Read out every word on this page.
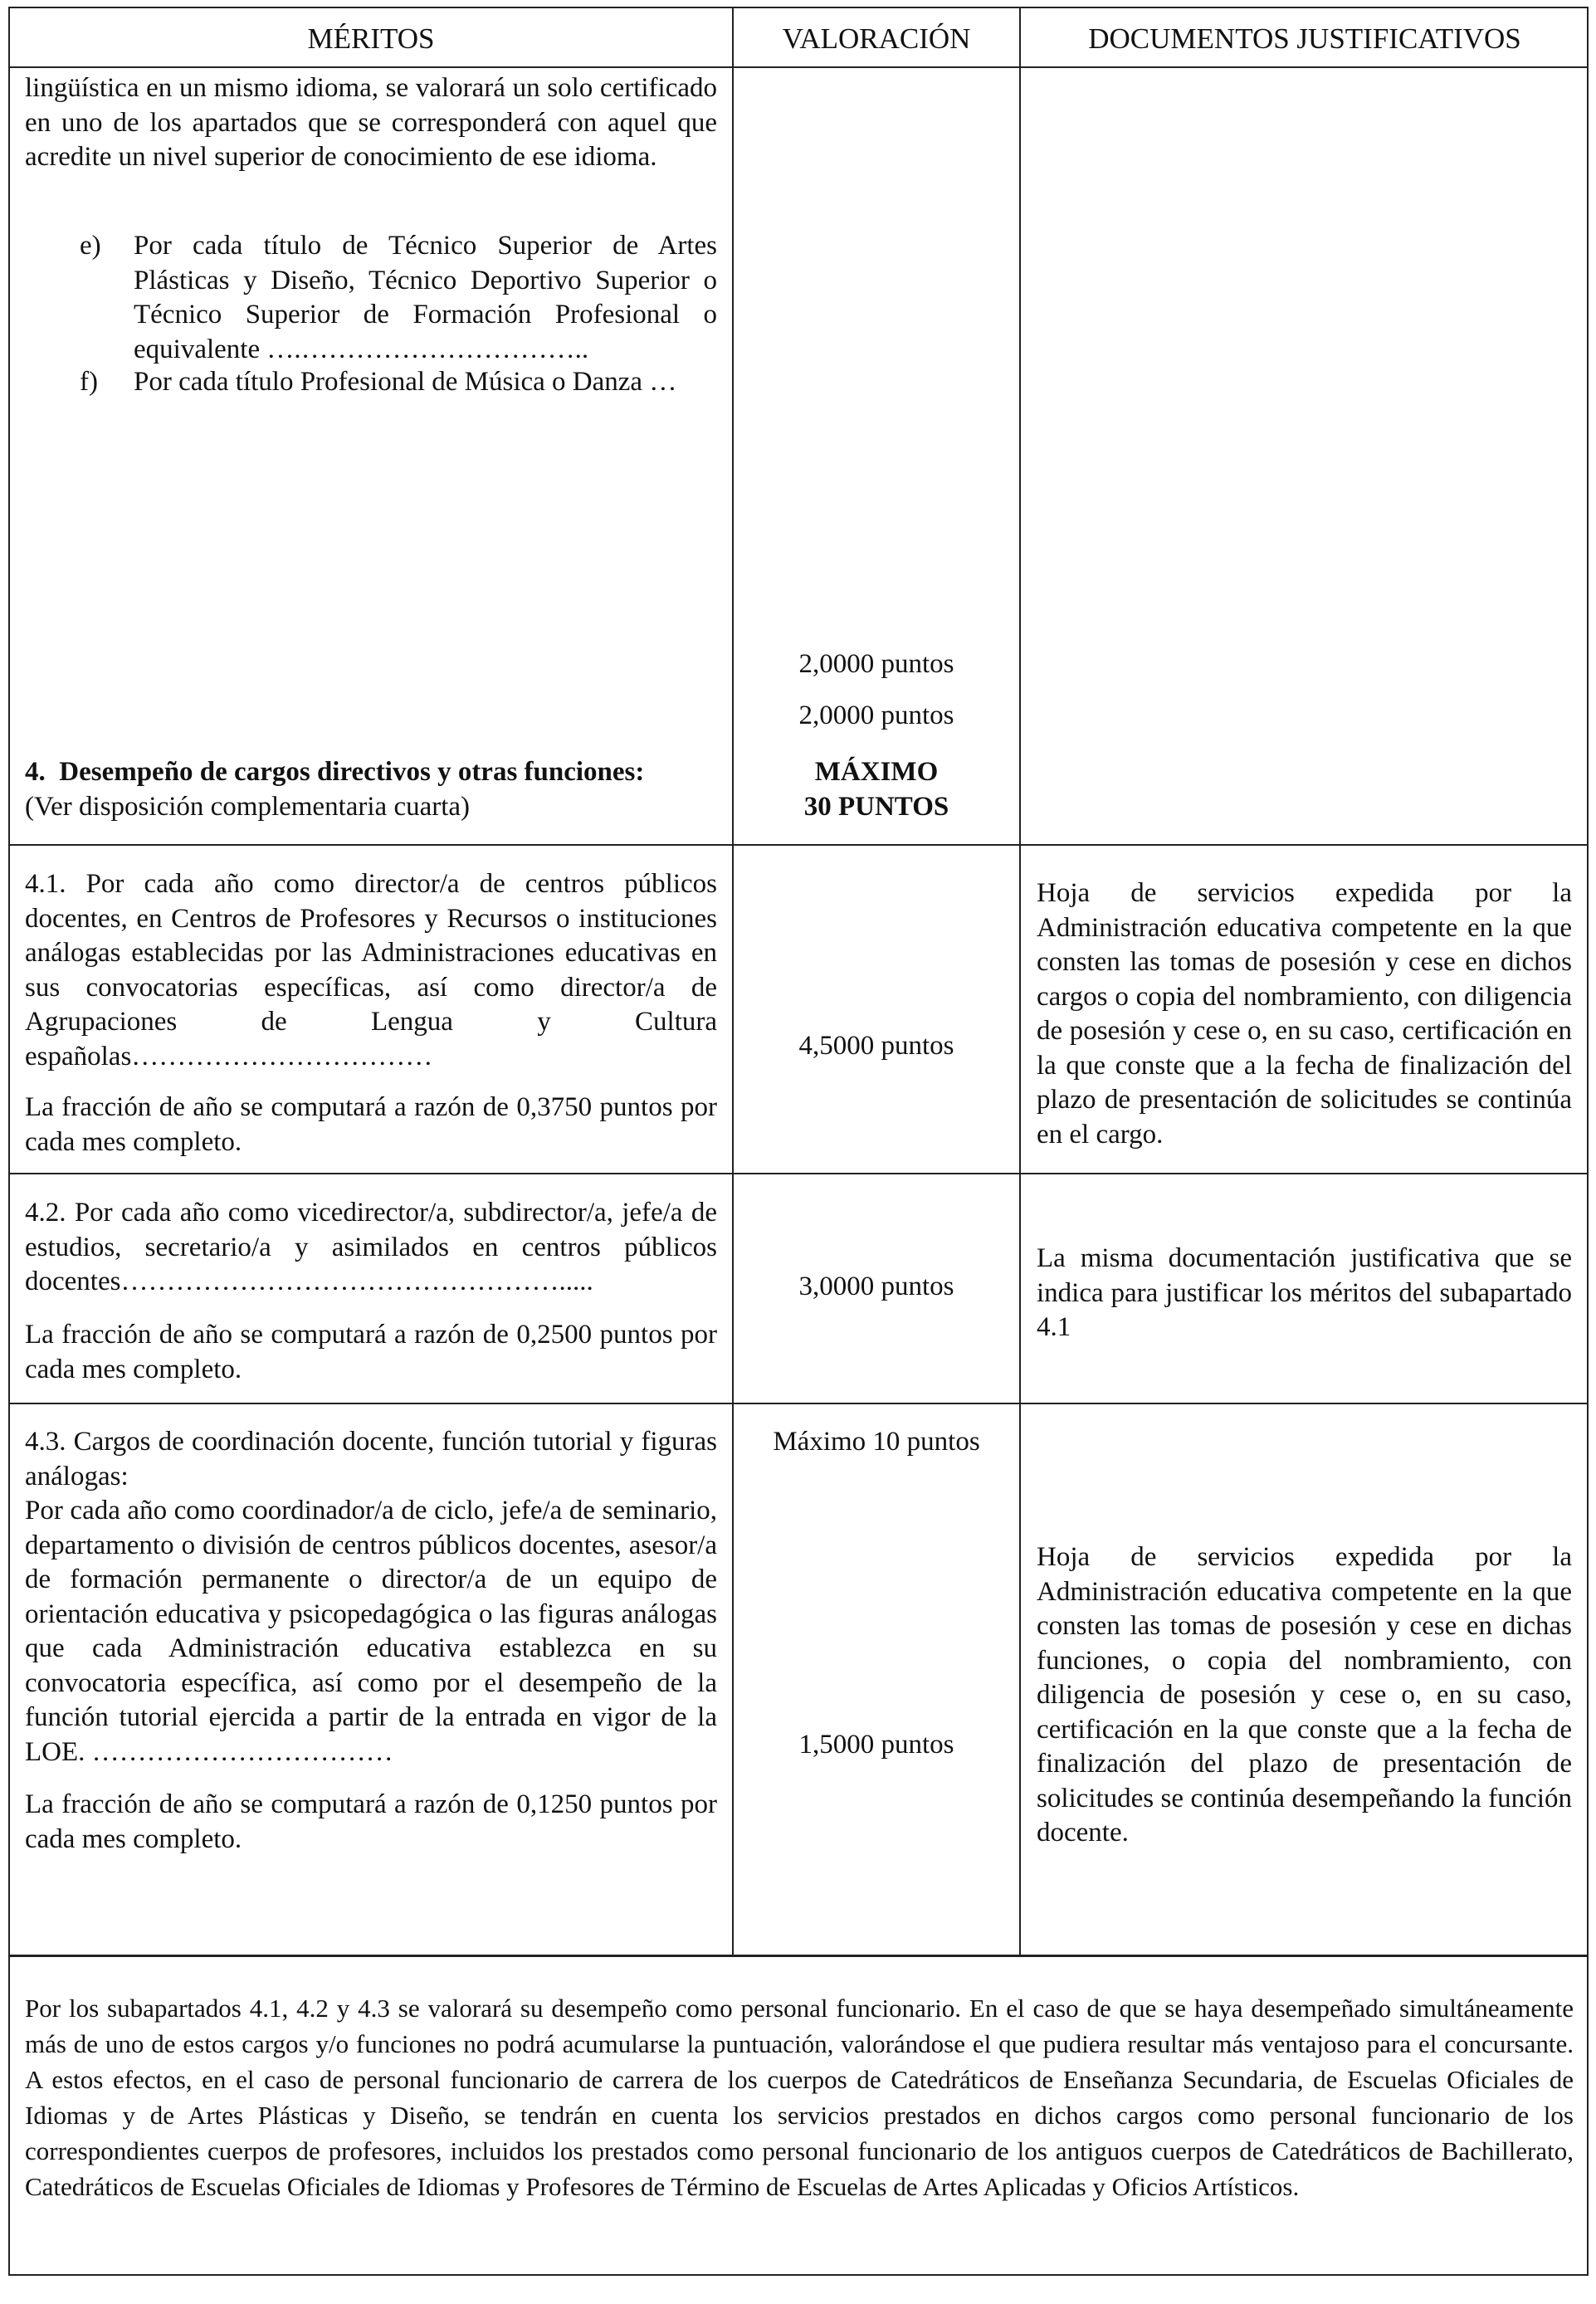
MÉRITOS	VALORACIÓN	DOCUMENTOS JUSTIFICATIVOS
lingüística en un mismo idioma, se valorará un solo certificado en uno de los apartados que se corresponderá con aquel que acredite un nivel superior de conocimiento de ese idioma.
e) Por cada título de Técnico Superior de Artes Plásticas y Diseño, Técnico Deportivo Superior o Técnico Superior de Formación Profesional o equivalente ….…………………………..
f) Por cada título Profesional de Música o Danza …
2,0000 puntos
2,0000 puntos
4. Desempeño de cargos directivos y otras funciones:
(Ver disposición complementaria cuarta)
MÁXIMO
30 PUNTOS
4.1. Por cada año como director/a de centros públicos docentes, en Centros de Profesores y Recursos o instituciones análogas establecidas por las Administraciones educativas en sus convocatorias específicas, así como director/a de Agrupaciones de Lengua y Cultura españolas……………………………
La fracción de año se computará a razón de 0,3750 puntos por cada mes completo.
4,5000 puntos
Hoja de servicios expedida por la Administración educativa competente en la que consten las tomas de posesión y cese en dichos cargos o copia del nombramiento, con diligencia de posesión y cese o, en su caso, certificación en la que conste que a la fecha de finalización del plazo de presentación de solicitudes se continúa en el cargo.
4.2. Por cada año como vicedirector/a, subdirector/a, jefe/a de estudios, secretario/a y asimilados en centros públicos docentes………………………………………….....
La fracción de año se computará a razón de 0,2500 puntos por cada mes completo.
3,0000 puntos
La misma documentación justificativa que se indica para justificar los méritos del subapartado 4.1
4.3. Cargos de coordinación docente, función tutorial y figuras análogas:
Por cada año como coordinador/a de ciclo, jefe/a de seminario, departamento o división de centros públicos docentes, asesor/a de formación permanente o director/a de un equipo de orientación educativa y psicopedagógica o las figuras análogas que cada Administración educativa establezca en su convocatoria específica, así como por el desempeño de la función tutorial ejercida a partir de la entrada en vigor de la LOE. ……………………………
La fracción de año se computará a razón de 0,1250 puntos por cada mes completo.
Máximo 10 puntos
1,5000 puntos
Hoja de servicios expedida por la Administración educativa competente en la que consten las tomas de posesión y cese en dichas funciones, o copia del nombramiento, con diligencia de posesión y cese o, en su caso, certificación en la que conste que a la fecha de finalización del plazo de presentación de solicitudes se continúa desempeñando la función docente.
Por los subapartados 4.1, 4.2 y 4.3 se valorará su desempeño como personal funcionario. En el caso de que se haya desempeñado simultáneamente más de uno de estos cargos y/o funciones no podrá acumularse la puntuación, valorándose el que pudiera resultar más ventajoso para el concursante. A estos efectos, en el caso de personal funcionario de carrera de los cuerpos de Catedráticos de Enseñanza Secundaria, de Escuelas Oficiales de Idiomas y de Artes Plásticas y Diseño, se tendrán en cuenta los servicios prestados en dichos cargos como personal funcionario de los correspondientes cuerpos de profesores, incluidos los prestados como personal funcionario de los antiguos cuerpos de Catedráticos de Bachillerato, Catedráticos de Escuelas Oficiales de Idiomas y Profesores de Término de Escuelas de Artes Aplicadas y Oficios Artísticos.
